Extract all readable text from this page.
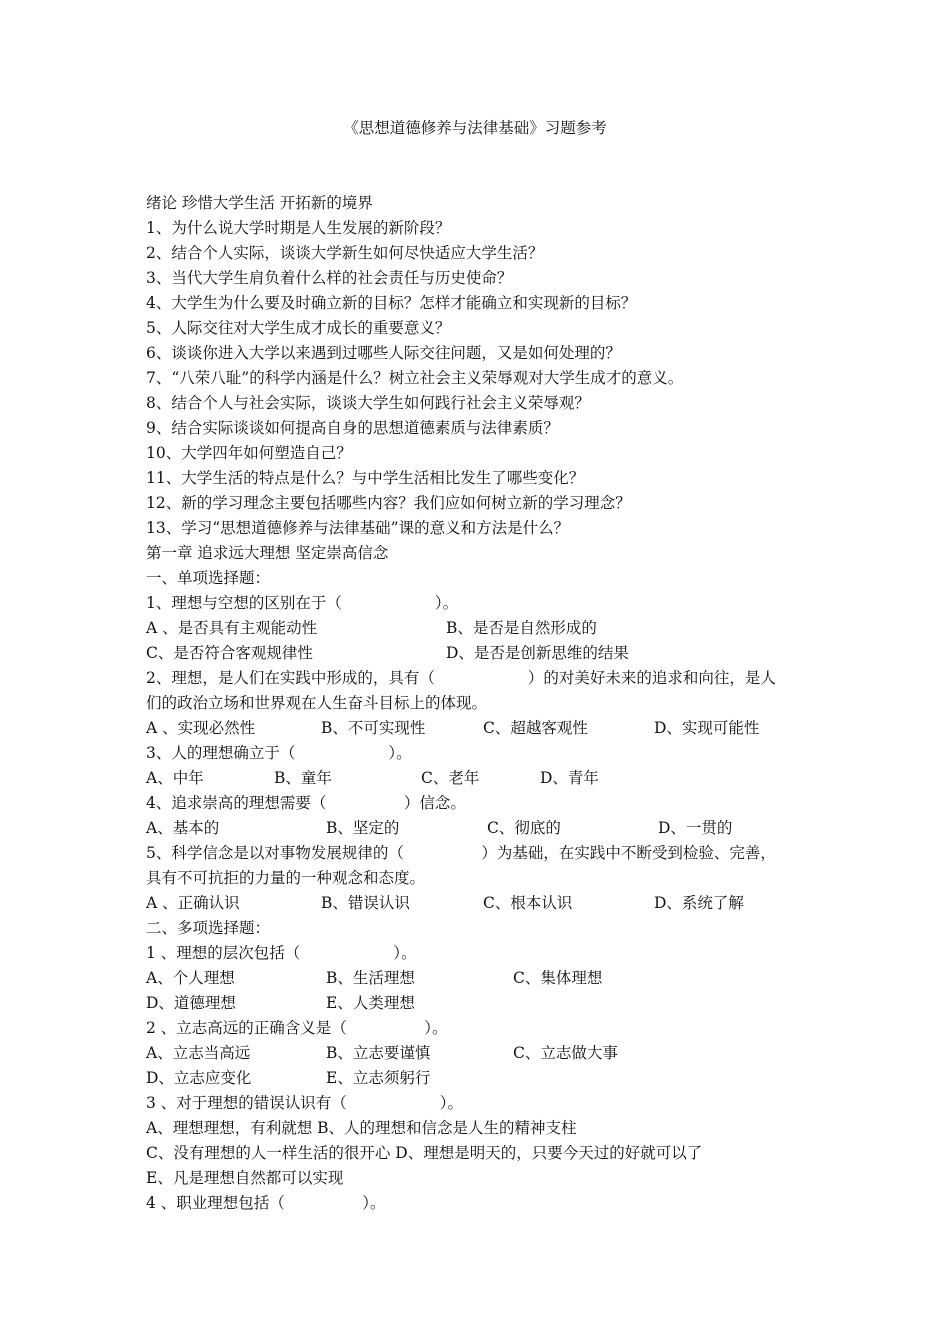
《思想道德修养与法律基础》习题参考
绪论 珍惜大学生活 开拓新的境界
1、为什么说大学时期是人生发展的新阶段？
2、结合个人实际，谈谈大学新生如何尽快适应大学生活？
3、当代大学生肩负着什么样的社会责任与历史使命？
4、大学生为什么要及时确立新的目标？怎样才能确立和实现新的目标？
5、人际交往对大学生成才成长的重要意义？
6、谈谈你进入大学以来遇到过哪些人际交往问题，又是如何处理的？
7、“八荣八耻”的科学内涵是什么？树立社会主义荣辱观对大学生成才的意义。
8、结合个人与社会实际，谈谈大学生如何践行社会主义荣辱观？
9、结合实际谈谈如何提高自身的思想道德素质与法律素质？
10、大学四年如何塑造自己？
11、大学生活的特点是什么？与中学生活相比发生了哪些变化？
12、新的学习理念主要包括哪些内容？我们应如何树立新的学习理念？
13、学习“思想道德修养与法律基础”课的意义和方法是什么？
第一章 追求远大理想 坚定崇高信念
一、单项选择题：
1、理想与空想的区别在于（　　　　　　）。
A 、是否具有主观能动性	B、是否是自然形成的
C、是否符合客观规律性	D、是否是创新思维的结果
2、理想，是人们在实践中形成的，具有（　　　　　　）的对美好未来的追求和向往，是人
们的政治立场和世界观在人生奋斗目标上的体现。
A 、实现必然性	B、不可实现性	C、超越客观性	D、实现可能性
3、人的理想确立于（　　　　　　）。
A、中年	B、童年	C、老年	D、青年
4、追求崇高的理想需要（　　　　　）信念。
A、基本的	B、坚定的	C、彻底的	D、一贯的
5、科学信念是以对事物发展规律的（　　　　　）为基础，在实践中不断受到检验、完善，
具有不可抗拒的力量的一种观念和态度。
A 、正确认识	B、错误认识	C、根本认识	D、系统了解
二、多项选择题：
1 、理想的层次包括（　　　　　　）。
A、个人理想	B、生活理想	C、集体理想
D、道德理想	E、人类理想
2 、立志高远的正确含义是（　　　　　）。
A、立志当高远	B、立志要谨慎	C、立志做大事
D、立志应变化	E、立志须躬行
3 、对于理想的错误认识有（　　　　　　）。
A、理想理想，有利就想 B、人的理想和信念是人生的精神支柱
C、没有理想的人一样生活的很开心 D、理想是明天的，只要今天过的好就可以了
E、凡是理想自然都可以实现
4 、职业理想包括（　　　　　）。
